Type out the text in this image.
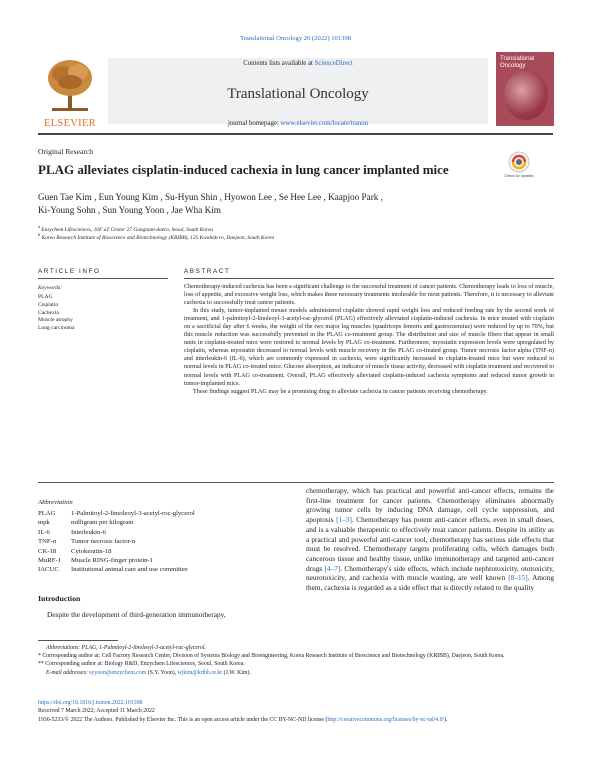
Translational Oncology 20 (2022) 101398
ELSEVIER
Contents lists available at ScienceDirect
Translational Oncology
journal homepage: www.elsevier.com/locate/tranon
Translational Oncology
Original Research
PLAG alleviates cisplatin-induced cachexia in lung cancer implanted mice	Check for updates
Guen Tae Kim , Eun Young Kim , Su-Hyun Shin , Hyowon Lee , Se Hee Lee , Kaapjoo Park ,
Ki-Young Sohn , Sun Young Yoon , Jae Wha Kim
$^a$ Enzychem Lifesciences, 10F aT Center 27 Gangnam-daero, Seoul, South Korea
$^b$ Korea Research Institute of Bioscience and Biotechnology (KRIBB), 125 Kwahak-ro, Daejeon, South Korea
ARTICLE INFO	ABSTRACT
Keywords:
PLAG
Cisplatin
Cachexia
Muscle atrophy
Lung carcinoma

Chemotherapy-induced cachexia has been a significant challenge to the successful treatment of cancer patients. Chemotherapy leads to loss of muscle, loss of appetite, and excessive weight loss, which makes these necessary treatments intolerable for most patients. Therefore, it is necessary to alleviate cachexia to successfully treat cancer patients.

In this study, tumor-implanted mouse models administered cisplatin showed rapid weight loss and reduced feeding rate by the second week of treatment, and 1-palmitoyl-2-linoleoyl-3-acetyl-rac-glycerol (PLAG) effectively alleviated cisplatin-induced cachexia. In mice treated with cisplatin on a sacrificial day after 6 weeks, the weight of the two major leg muscles (quadriceps femoris and gastrocnemius) were reduced by up to 70%, but this muscle reduction was successfully prevented in the PLAG co-treatment group. The distribution and size of muscle fibers that appear in small units in cisplatin-treated mice were restored to normal levels by PLAG co-treatment. Furthermore, myostatin expression levels were upregulated by cisplatin, whereas myostatin decreased to normal levels with muscle recovery in the PLAG co-treated group. Tumor necrosis factor alpha (TNF-α) and interleukin-6 (IL-6), which are commonly expressed in cachexia, were significantly increased in cisplatin-treated mice but were reduced to normal levels in PLAG co-treated mice. Glucose absorption, an indicator of muscle tissue activity, decreased with cisplatin treatment and recovered to normal levels with PLAG co-treatment. Overall, PLAG effectively alleviated cisplatin-induced cachexia symptoms and reduced tumor growth in tumor-implanted mice.

These findings suggest PLAG may be a promising drug to alleviate cachexia in cancer patients receiving chemotherapy.

Abbreviation
PLAG	1-Palmitoyl-2-limoleoyl-3-acetyl-roc-glycerol
mpk	milligram per kilogram
IL-6	Interleukin-6
TNF-α	Tumor necrosis factor-α
CK-18	Cytokeratin-18
MuRF-1	Muscle RING-finger protein-1
IACUC	Institutional animal care and use committee
Introduction
Despite the development of third-generation immunotherapy,
chemotherapy, which has practical and powerful anti-cancer effects, remains the first-line treatment for cancer patients. Chemotherapy eliminates abnormally growing tumor cells by inducing DNA damage, cell cycle suppression, and apoptosis [1–3]. Chemotherapy has potent anti-cancer effects, even in small doses, and is a valuable therapeutic to effectively treat cancer patients. Despite its utility as a practical and powerful anti-cancer tool, chemotherapy has serious side effects that must be resolved. Chemotherapy targets proliferating cells, which damages both cancerous tissue and healthy tissue, unlike immunotherapy and targeted anti-cancer drugs [4–7]. Chemotherapy's side effects, which include nephrotoxicity, ototoxicity, neurotoxicity, and cachexia with muscle wasting, are well known [8–15]. Among them, cachexia is regarded as a side effect that is directly related to the quality
Abbreviations: PLAG, 1-Palmitoyl-2-linoleoyl-3-acetyl-rac-glycerol.
* Corresponding author at: Cell Factory Research Center, Division of Systems Biology and Bioengineering, Korea Research Institute of Bioscience and Biotechnology (KRIBB), Daejeon, South Korea.
** Corresponding author at: Biology R&D, Enzychem Lifesciences, Seoul, South Korea.
E-mail addresses: syyoon@enzychem.com (S.Y. Yoon), wjkim@kribb.re.kr (J.W. Kim).
https://doi.org/10.1016/j.tranon.2022.101398
Received 7 March 2022; Accepted 11 March 2022
1936-5233/© 2022 The Authors. Published by Elsevier Inc. This is an open access article under the CC BY-NC-ND license (http://creativecommons.org/licenses/by-nc-nd/4.0/).
